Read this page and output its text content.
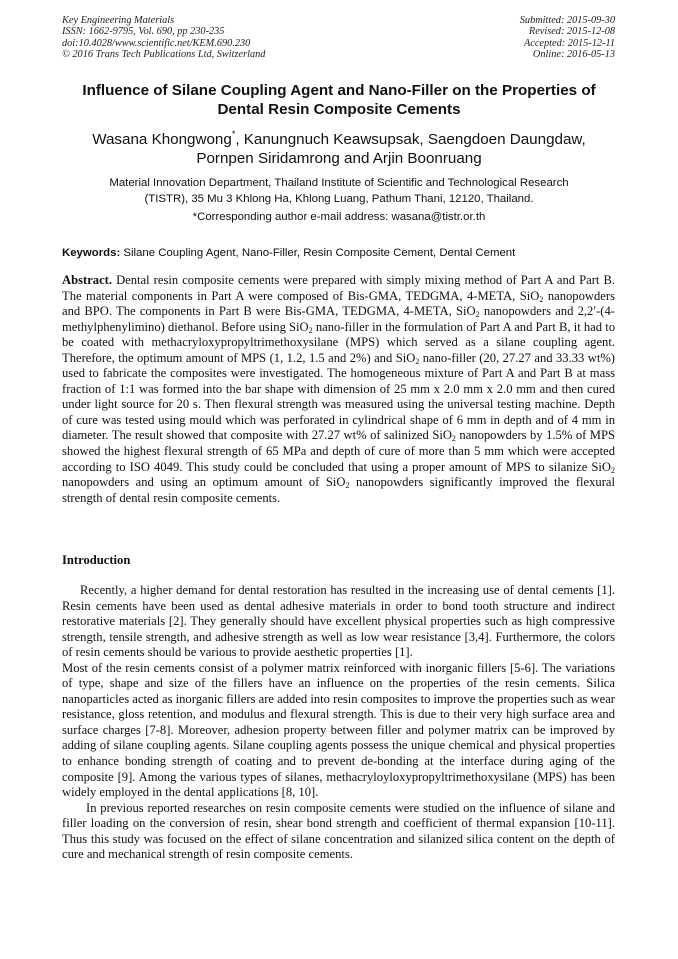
Key Engineering Materials
ISSN: 1662-9795, Vol. 690, pp 230-235
doi:10.4028/www.scientific.net/KEM.690.230
© 2016 Trans Tech Publications Ltd, Switzerland
Submitted: 2015-09-30
Revised: 2015-12-08
Accepted: 2015-12-11
Online: 2016-05-13
Influence of Silane Coupling Agent and Nano-Filler on the Properties of
Dental Resin Composite Cements
Wasana Khongwong*, Kanungnuch Keawsupsak, Saengdoen Daungdaw,
Pornpen Siridamrong and Arjin Boonruang
Material Innovation Department, Thailand Institute of Scientific and Technological Research
(TISTR), 35 Mu 3 Khlong Ha, Khlong Luang, Pathum Thani, 12120, Thailand.
*Corresponding author e-mail address: wasana@tistr.or.th
Keywords: Silane Coupling Agent, Nano-Filler, Resin Composite Cement, Dental Cement
Abstract. Dental resin composite cements were prepared with simply mixing method of Part A and Part B. The material components in Part A were composed of Bis-GMA, TEDGMA, 4-META, SiO$_2$ nanopowders and BPO. The components in Part B were Bis-GMA, TEDGMA, 4-META, SiO$_2$ nanopowders and 2,2′-(4-methylphenylimino) diethanol. Before using SiO$_2$ nano-filler in the formulation of Part A and Part B, it had to be coated with methacryloxypropyltrimethoxysilane (MPS) which served as a silane coupling agent. Therefore, the optimum amount of MPS (1, 1.2, 1.5 and 2%) and SiO$_2$ nano-filler (20, 27.27 and 33.33 wt%) used to fabricate the composites were investigated. The homogeneous mixture of Part A and Part B at mass fraction of 1:1 was formed into the bar shape with dimension of 25 mm x 2.0 mm x 2.0 mm and then cured under light source for 20 s. Then flexural strength was measured using the universal testing machine. Depth of cure was tested using mould which was perforated in cylindrical shape of 6 mm in depth and of 4 mm in diameter. The result showed that composite with 27.27 wt% of salinized SiO$_2$ nanopowders by 1.5% of MPS showed the highest flexural strength of 65 MPa and depth of cure of more than 5 mm which were accepted according to ISO 4049. This study could be concluded that using a proper amount of MPS to silanize SiO$_2$ nanopowders and using an optimum amount of SiO$_2$ nanopowders significantly improved the flexural strength of dental resin composite cements.
Introduction

Recently, a higher demand for dental restoration has resulted in the increasing use of dental cements [1]. Resin cements have been used as dental adhesive materials in order to bond tooth structure and indirect restorative materials [2]. They generally should have excellent physical properties such as high compressive strength, tensile strength, and adhesive strength as well as low wear resistance [3,4]. Furthermore, the colors of resin cements should be various to provide aesthetic properties [1].

Most of the resin cements consist of a polymer matrix reinforced with inorganic fillers [5-6]. The variations of type, shape and size of the fillers have an influence on the properties of the resin cements. Silica nanoparticles acted as inorganic fillers are added into resin composites to improve the properties such as wear resistance, gloss retention, and modulus and flexural strength. This is due to their very high surface area and surface charges [7-8]. Moreover, adhesion property between filler and polymer matrix can be improved by adding of silane coupling agents. Silane coupling agents possess the unique chemical and physical properties to enhance bonding strength of coating and to prevent de-bonding at the interface during aging of the composite [9]. Among the various types of silanes, methacryloyloxypropyltrimethoxysilane (MPS) has been widely employed in the dental applications [8, 10].

In previous reported researches on resin composite cements were studied on the influence of silane and filler loading on the conversion of resin, shear bond strength and coefficient of thermal expansion [10-11]. Thus this study was focused on the effect of silane concentration and silanized silica content on the depth of cure and mechanical strength of resin composite cements.
